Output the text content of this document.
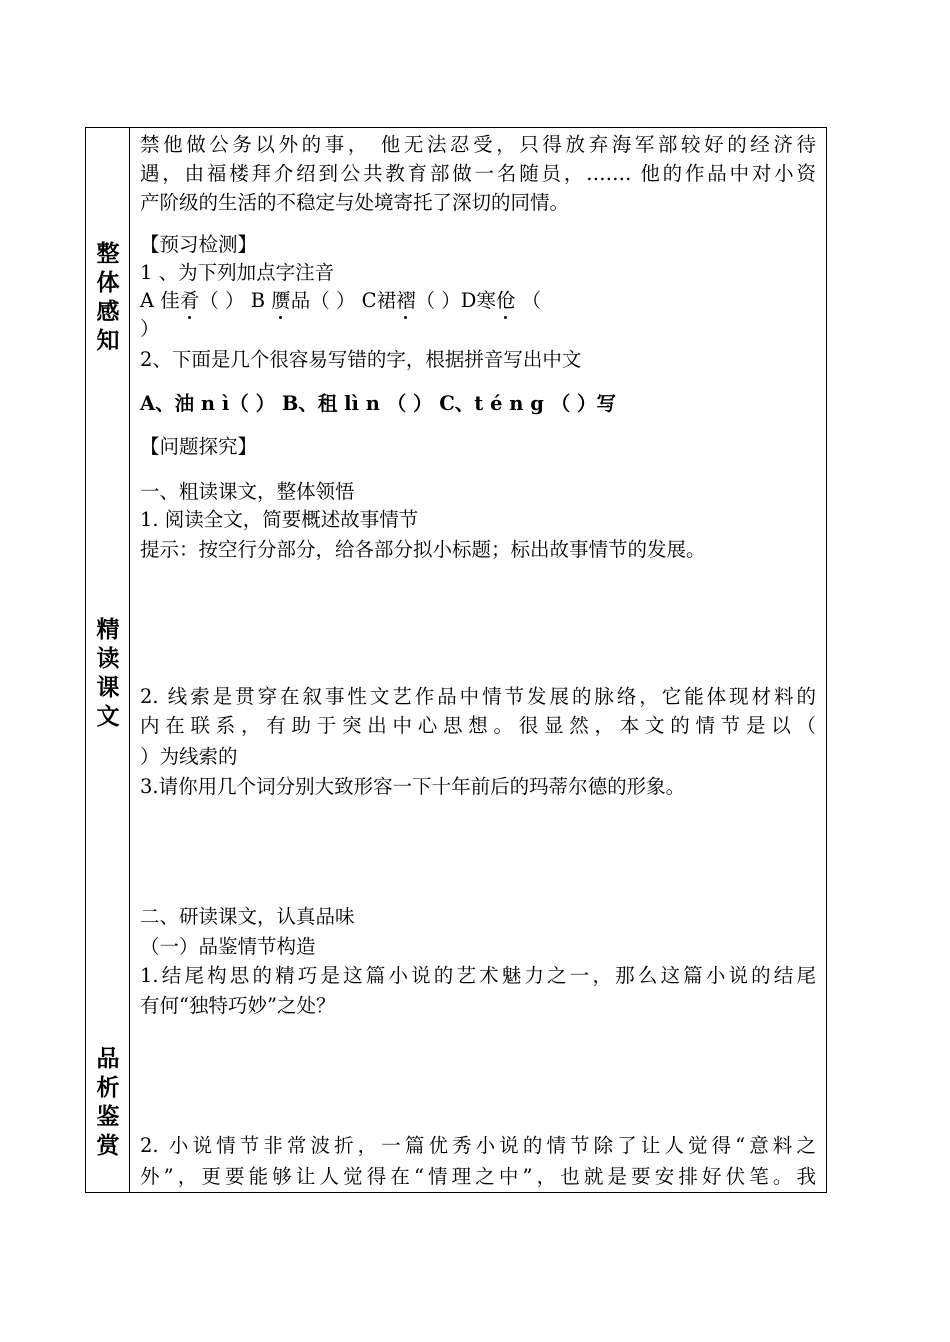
整体感知
精读课文
品析鉴赏
禁他做公务以外的事， 他无法忍受，只得放弃海军部较好的经济待
遇，由福楼拜介绍到公共教育部做一名随员，……. 他的作品中对小资
产阶级的生活的不稳定与处境寄托了深切的同情。
【预习检测】
1 、为下列加点字注音
A 佳肴（ ） B 赝品（ ） C裙褶（ ）D寒伧 （
）
2、下面是几个很容易写错的字，根据拼音写出中文
A、油 n ì（ ） B、租 lì n （ ） C、t é n g （ ）写
【问题探究】
一、粗读课文，整体领悟
1. 阅读全文，简要概述故事情节
提示：按空行分部分，给各部分拟小标题；标出故事情节的发展。
2. 线索是贯穿在叙事性文艺作品中情节发展的脉络，它能体现材料的
内在联系，有助于突出中心思想。很显然，本文的情节是以（
）为线索的
3.请你用几个词分别大致形容一下十年前后的玛蒂尔德的形象。
二、研读课文，认真品味
（一）品鉴情节构造
1.结尾构思的精巧是这篇小说的艺术魅力之一，那么这篇小说的结尾
有何“独特巧妙”之处？
2. 小说情节非常波折，一篇优秀小说的情节除了让人觉得“意料之
外”，更要能够让人觉得在“情理之中”，也就是要安排好伏笔。我
